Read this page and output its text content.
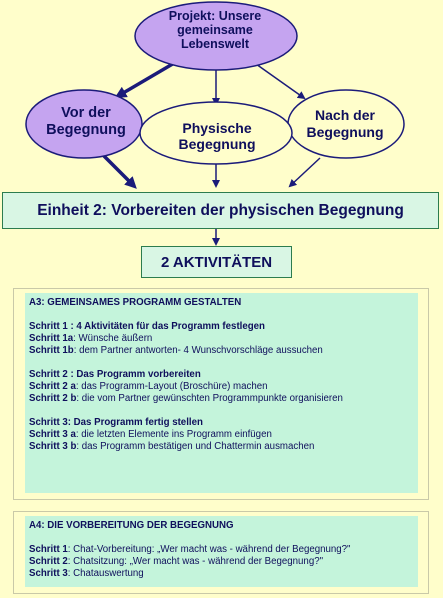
Projekt: Unsere gemeinsame Lebenswelt
Vor der Begegnung	Physische Begegnung
Nach der Begegnung
Einheit 2: Vorbereiten der physischen Begegnung
2 AKTIVITÄTEN
A3: GEMEINSAMES PROGRAMM GESTALTEN
Schritt 1 : 4 Aktivitäten für das Programm festlegen
Schritt 1a: Wünsche äußern
Schritt 1b: dem Partner antworten- 4 Wunschvorschläge aussuchen
Schritt 2 : Das Programm vorbereiten
Schritt 2 a: das Programm-Layout (Broschüre) machen
Schritt 2 b: die vom Partner gewünschten Programmpunkte organisieren
Schritt 3: Das Programm fertig stellen
Schritt 3 a: die letzten Elemente ins Programm einfügen
Schritt 3 b: das Programm bestätigen und Chattermin ausmachen
A4: DIE VORBEREITUNG DER BEGEGNUNG
Schritt 1: Chat-Vorbereitung: „Wer macht was - während der Begegnung?"
Schritt 2: Chatsitzung: „Wer macht was - während der Begegnung?"
Schritt 3: Chatauswertung
